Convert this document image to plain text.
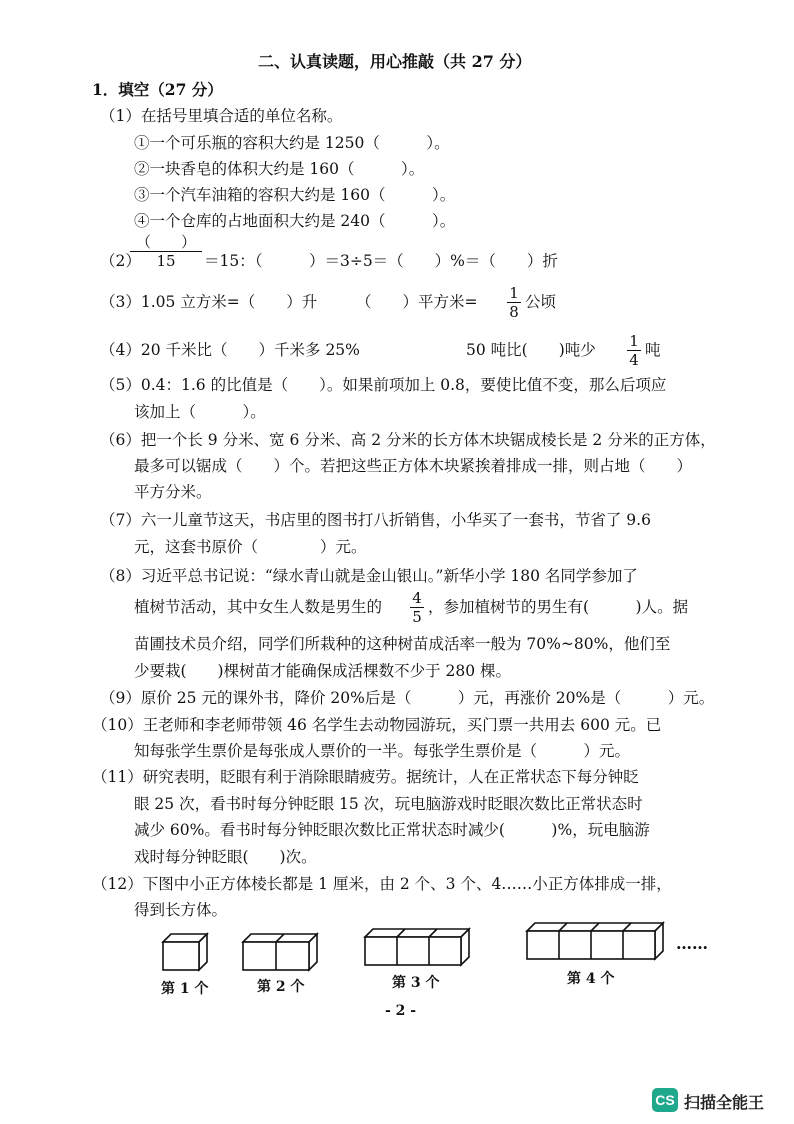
二、认真读题，用心推敲（共 27 分）
1．填空（27 分）
（1）在括号里填合适的单位名称。
①一个可乐瓶的容积大约是 1250（　　　）。
②一块香皂的体积大约是 160（　　　）。
③一个汽车油箱的容积大约是 160（　　　）。
④一个仓库的占地面积大约是 240（　　　）。
（2）
（　　）
15	＝15：（　　　）＝3÷5＝（　　）%＝（　　）折
（3）1.05 立方米=（　　）升　　　（　　）平方米= 1
8
公顷
（4）20 千米比（　　）千米多 25%	50 吨比(　　)吨少 1
4
吨
（5）0.4：1.6 的比值是（　　）。如果前项加上 0.8，要使比值不变，那么后项应
该加上（　　　）。
（6）把一个长 9 分米、宽 6 分米、高 2 分米的长方体木块锯成棱长是 2 分米的正方体，
最多可以锯成（　　）个。若把这些正方体木块紧挨着排成一排，则占地（　　）
平方分米。
（7）六一儿童节这天，书店里的图书打八折销售，小华买了一套书，节省了 9.6
元，这套书原价（　　　　）元。
（8）习近平总书记说：“绿水青山就是金山银山。”新华小学 180 名同学参加了
植树节活动，其中女生人数是男生的 4
5
，参加植树节的男生有(　　　)人。据
苗圃技术员介绍，同学们所栽种的这种树苗成活率一般为 70%~80%，他们至
少要栽(　　)棵树苗才能确保成活棵数不少于 280 棵。
（9）原价 25 元的课外书，降价 20%后是（　　　）元，再涨价 20%是（　　　）元。
（10）王老师和李老师带领 46 名学生去动物园游玩，买门票一共用去 600 元。已
知每张学生票价是每张成人票价的一半。每张学生票价是（　　　）元。
（11）研究表明，眨眼有利于消除眼睛疲劳。据统计，人在正常状态下每分钟眨
眼 25 次，看书时每分钟眨眼 15 次，玩电脑游戏时眨眼次数比正常状态时
减少 60%。看书时每分钟眨眼次数比正常状态时减少(　　　)%，玩电脑游
戏时每分钟眨眼(　　)次。
（12）下图中小正方体棱长都是 1 厘米，由 2 个、3 个、4……小正方体排成一排，
得到长方体。
第 1 个	第 2 个	第 3 个	第 4 个
……
- 2 -
CS 扫描全能王
